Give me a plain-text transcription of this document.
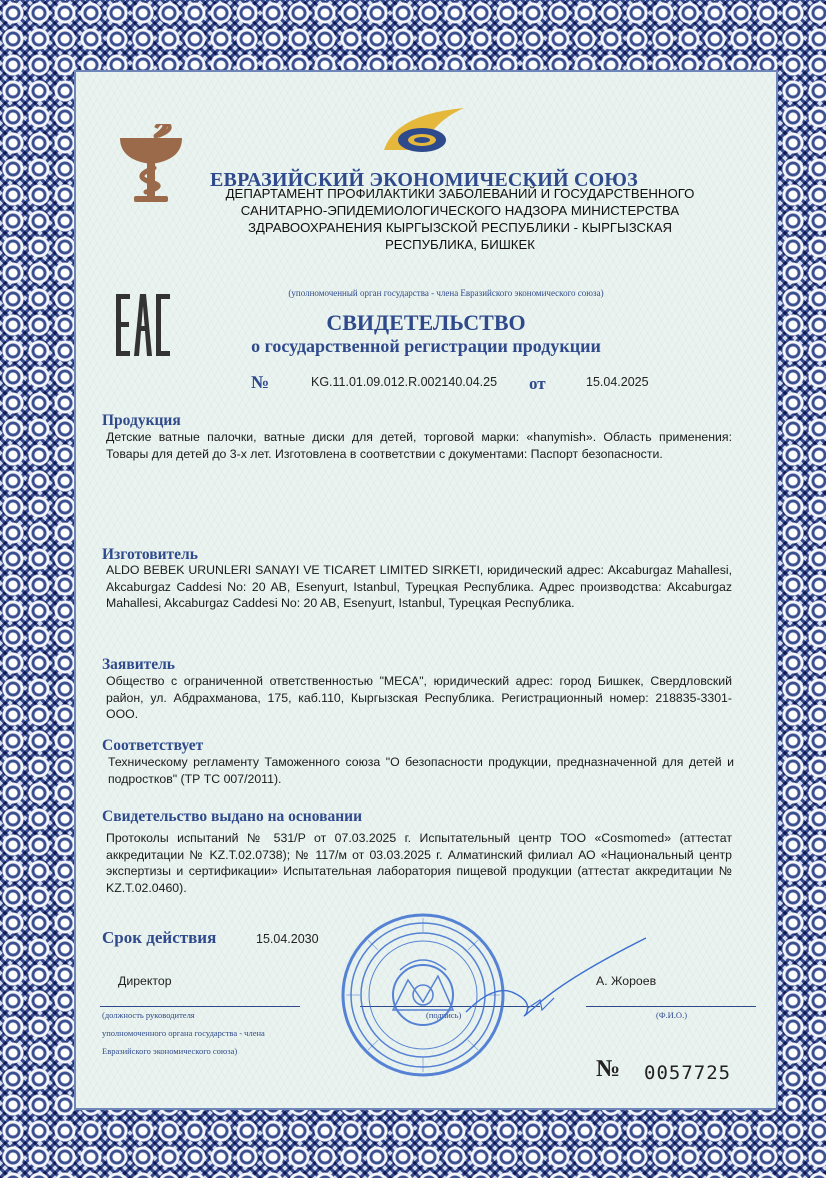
ЕВРАЗИЙСКИЙ ЭКОНОМИЧЕСКИЙ СОЮЗ
ДЕПАРТАМЕНТ ПРОФИЛАКТИКИ ЗАБОЛЕВАНИЙ И ГОСУДАРСТВЕННОГО САНИТАРНО-ЭПИДЕМИОЛОГИЧЕСКОГО НАДЗОРА МИНИСТЕРСТВА ЗДРАВООХРАНЕНИЯ КЫРГЫЗСКОЙ РЕСПУБЛИКИ - КЫРГЫЗСКАЯ РЕСПУБЛИКА, БИШКЕК
(уполномоченный орган государства - члена Евразийского экономического союза)
СВИДЕТЕЛЬСТВО
о государственной регистрации продукции
№	KG.11.01.09.012.R.002140.04.25 от	15.04.2025
Продукция
Детские ватные палочки, ватные диски для детей, торговой марки: «hanymish». Область применения: Товары для детей до 3-х лет. Изготовлена в соответствии с документами: Паспорт безопасности.
Изготовитель
ALDO BEBEK URUNLERI SANAYI VE TICARET LIMITED SIRKETI, юридический адрес: Akcaburgaz Mahallesi, Akcaburgaz Caddesi No: 20 AB, Esenyurt, Istanbul, Турецкая Республика. Адрес производства: Akcaburgaz Mahallesi, Akcaburgaz Caddesi No: 20 AB, Esenyurt, Istanbul, Турецкая Республика.
Заявитель
Общество с ограниченной ответственностью "МЕСА", юридический адрес: город Бишкек, Свердловский район, ул. Абдрахманова, 175, каб.110, Кыргызская Республика. Регистрационный номер: 218835-3301-ООО.
Соответствует
Техническому регламенту Таможенного союза "О безопасности продукции, предназначенной для детей и подростков" (ТР ТС 007/2011).
Свидетельство выдано на основании
Протоколы испытаний № 531/P от 07.03.2025 г. Испытательный центр ТОО «Cosmomed» (аттестат аккредитации № KZ.T.02.0738); № 117/м от 03.03.2025 г. Алматинский филиал АО «Национальный центр экспертизы и сертификации» Испытательная лаборатория пищевой продукции (аттестат аккредитации № KZ.T.02.0460).
Срок действия	15.04.2030
Директор	А. Жороев
(должность руководителя
уполномоченного органа государства - члена
Евразийского экономического союза)
(подпись)	(Ф.И.О.)
№ 0057725
